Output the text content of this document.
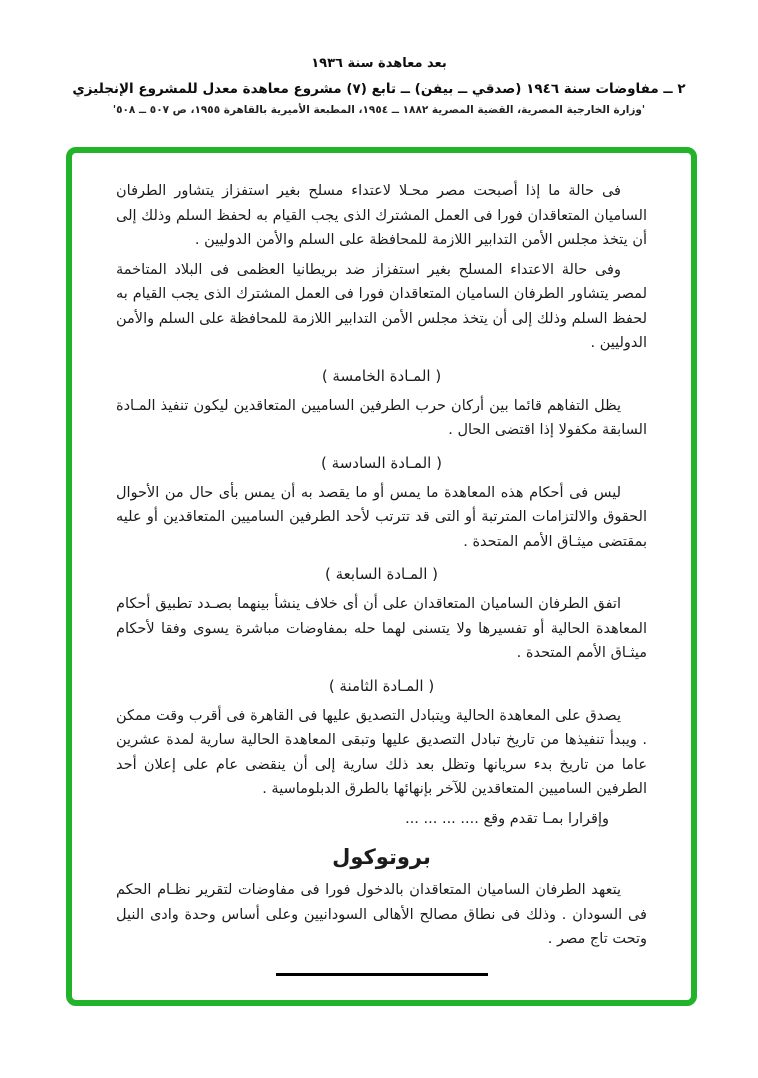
بعد معاهدة سنة ١٩٣٦
٢ ــ مفاوضات سنة ١٩٤٦ (صدقي ــ بيفن) ــ تابع (٧) مشروع معاهدة معدل للمشروع الإنجليزي
'وزارة الخارجية المصرية، القضية المصرية ١٨٨٢ ــ ١٩٥٤، المطبعة الأميرية بالقاهرة ١٩٥٥، ص ٥٠٧ ــ ٥٠٨'

فى حالة ما إذا أصبحت مصر محـلا لاعتداء مسلح بغير استفزاز يتشاور الطرفان الساميان المتعاقدان فورا فى العمل المشترك الذى يجب القيام به لحفظ السلم وذلك إلى أن يتخذ مجلس الأمن التدابير اللازمة للمحافظة على السلم والأمن الدوليين .

وفى حالة الاعتداء المسلح بغير استفزاز ضد بريطانيا العظمى فى البلاد المتاخمة لمصر يتشاور الطرفان الساميان المتعاقدان فورا فى العمل المشترك الذى يجب القيام به لحفظ السلم وذلك إلى أن يتخذ مجلس الأمن التدابير اللازمة للمحافظة على السلم والأمن الدوليين .

( المـادة الخامسة )

يظل التفاهم قائما بين أركان حرب الطرفين الساميين المتعاقدين ليكون تنفيذ المـادة السابقة مكفولا إذا اقتضى الحال .

( المـادة السادسة )

ليس فى أحكام هذه المعاهدة ما يمس أو ما يقصد به أن يمس بأى حال من الأحوال الحقوق والالتزامات المترتبة أو التى قد تترتب لأحد الطرفين الساميين المتعاقدين أو عليه بمقتضى ميثـاق الأمم المتحدة .

( المـادة السابعة )

اتفق الطرفان الساميان المتعاقدان على أن أى خلاف ينشأ بينهما بصـدد تطبيق أحكام المعاهدة الحالية أو تفسيرها ولا يتسنى لهما حله بمفاوضات مباشرة يسوى وفقا لأحكام ميثـاق الأمم المتحدة .

( المـادة الثامنة )

يصدق على المعاهدة الحالية ويتبادل التصديق عليها فى القاهرة فى أقرب وقت ممكن . ويبدأ تنفيذها من تاريخ تبادل التصديق عليها وتبقى المعاهدة الحالية سارية لمدة عشرين عاما من تاريخ بدء سريانها وتظل بعد ذلك سارية إلى أن ينقضى عام على إعلان أحد الطرفين الساميين المتعاقدين للآخر بإنهائها بالطرق الدبلوماسية .

وإقرارا بمـا تقدم وقع .... ... ... ...
بروتوكول

يتعهد الطرفان الساميان المتعاقدان بالدخول فورا فى مفاوضات لتقرير نظـام الحكم فى السودان . وذلك فى نطاق مصالح الأهالى السودانيين وعلى أساس وحدة وادى النيل وتحت تاج مصر .
